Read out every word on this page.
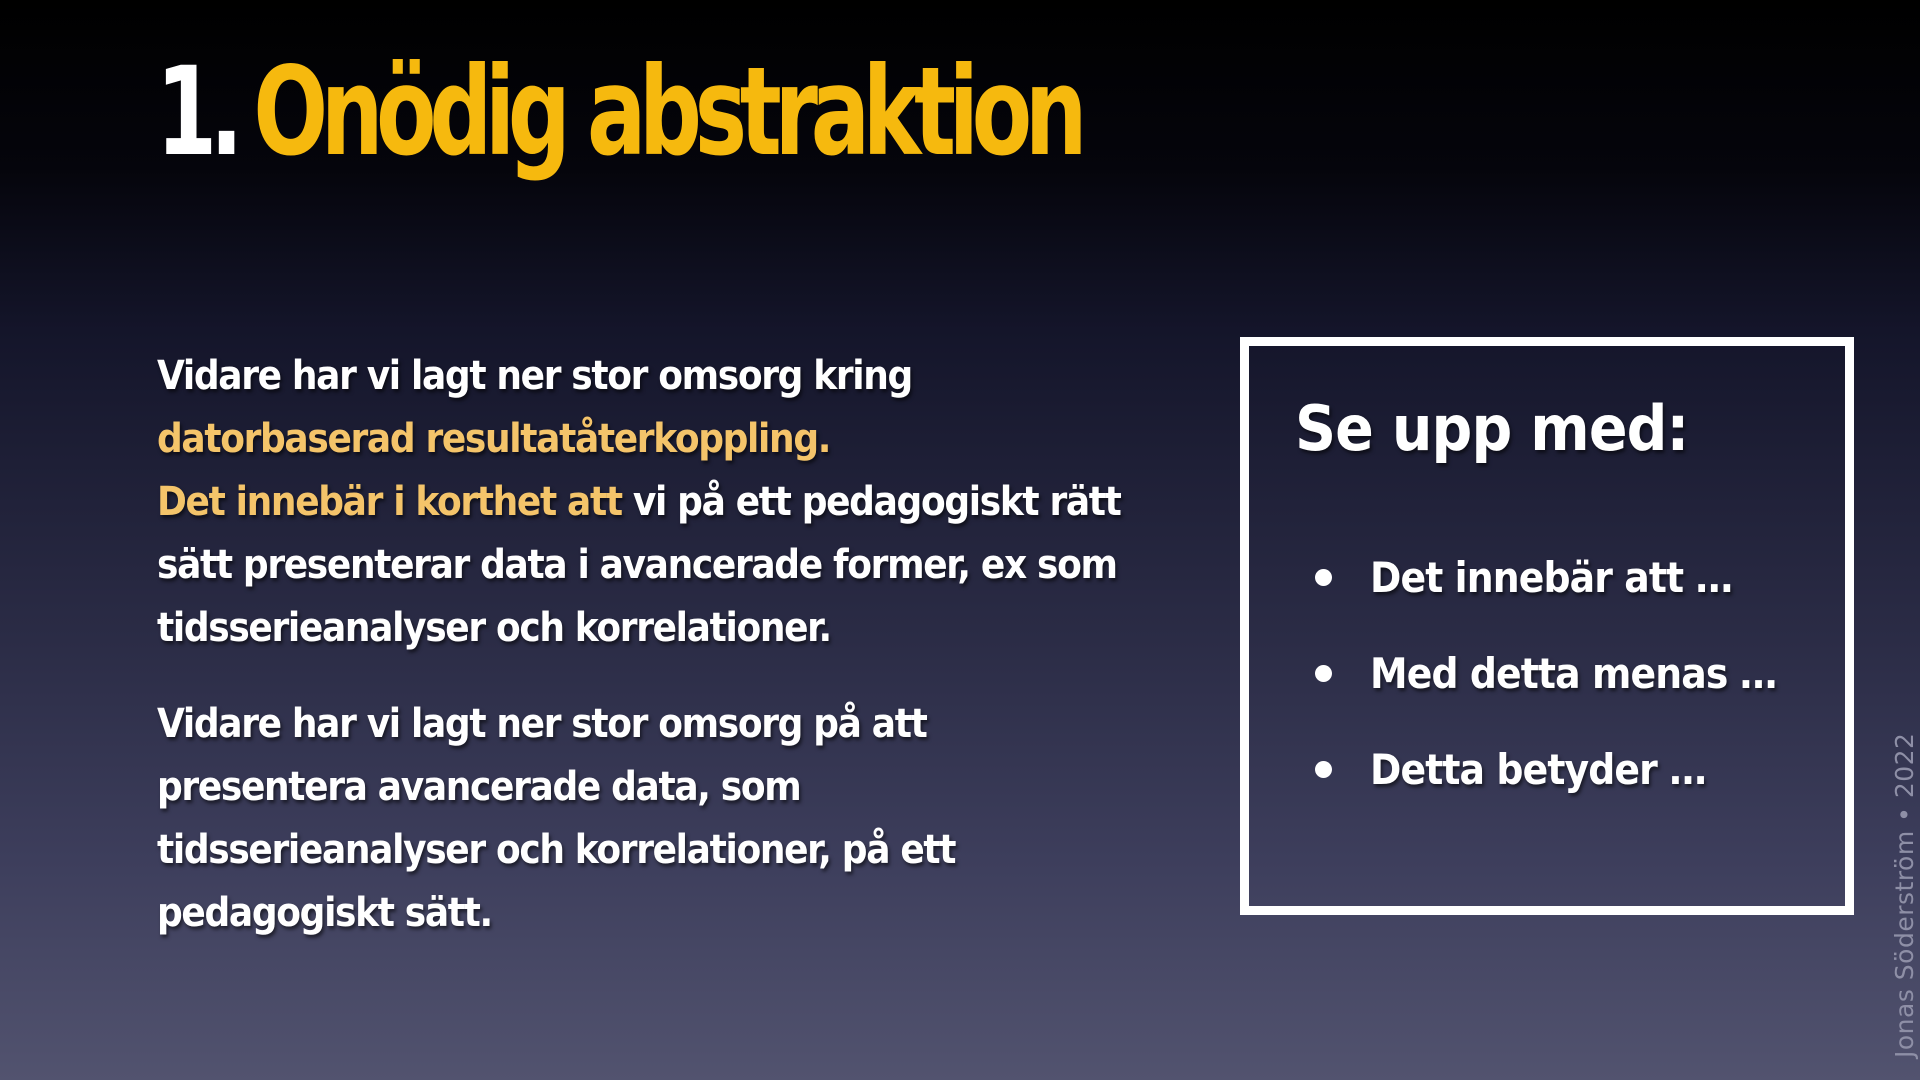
1. Onödig abstraktion

Vidare har vi lagt ner stor omsorg kring
datorbaserad resultatåterkoppling.
Det innebär i korthet att vi på ett pedagogiskt rätt sätt presenterar data i avancerade former, ex som tidsserieanalyser och korrelationer.

Vidare har vi lagt ner stor omsorg på att presentera avancerade data, som tidsserieanalyser och korrelationer, på ett pedagogiskt sätt.

Se upp med:
Det innebär att …
Med detta menas …
Detta betyder …	Jonas Söderström • 2022
